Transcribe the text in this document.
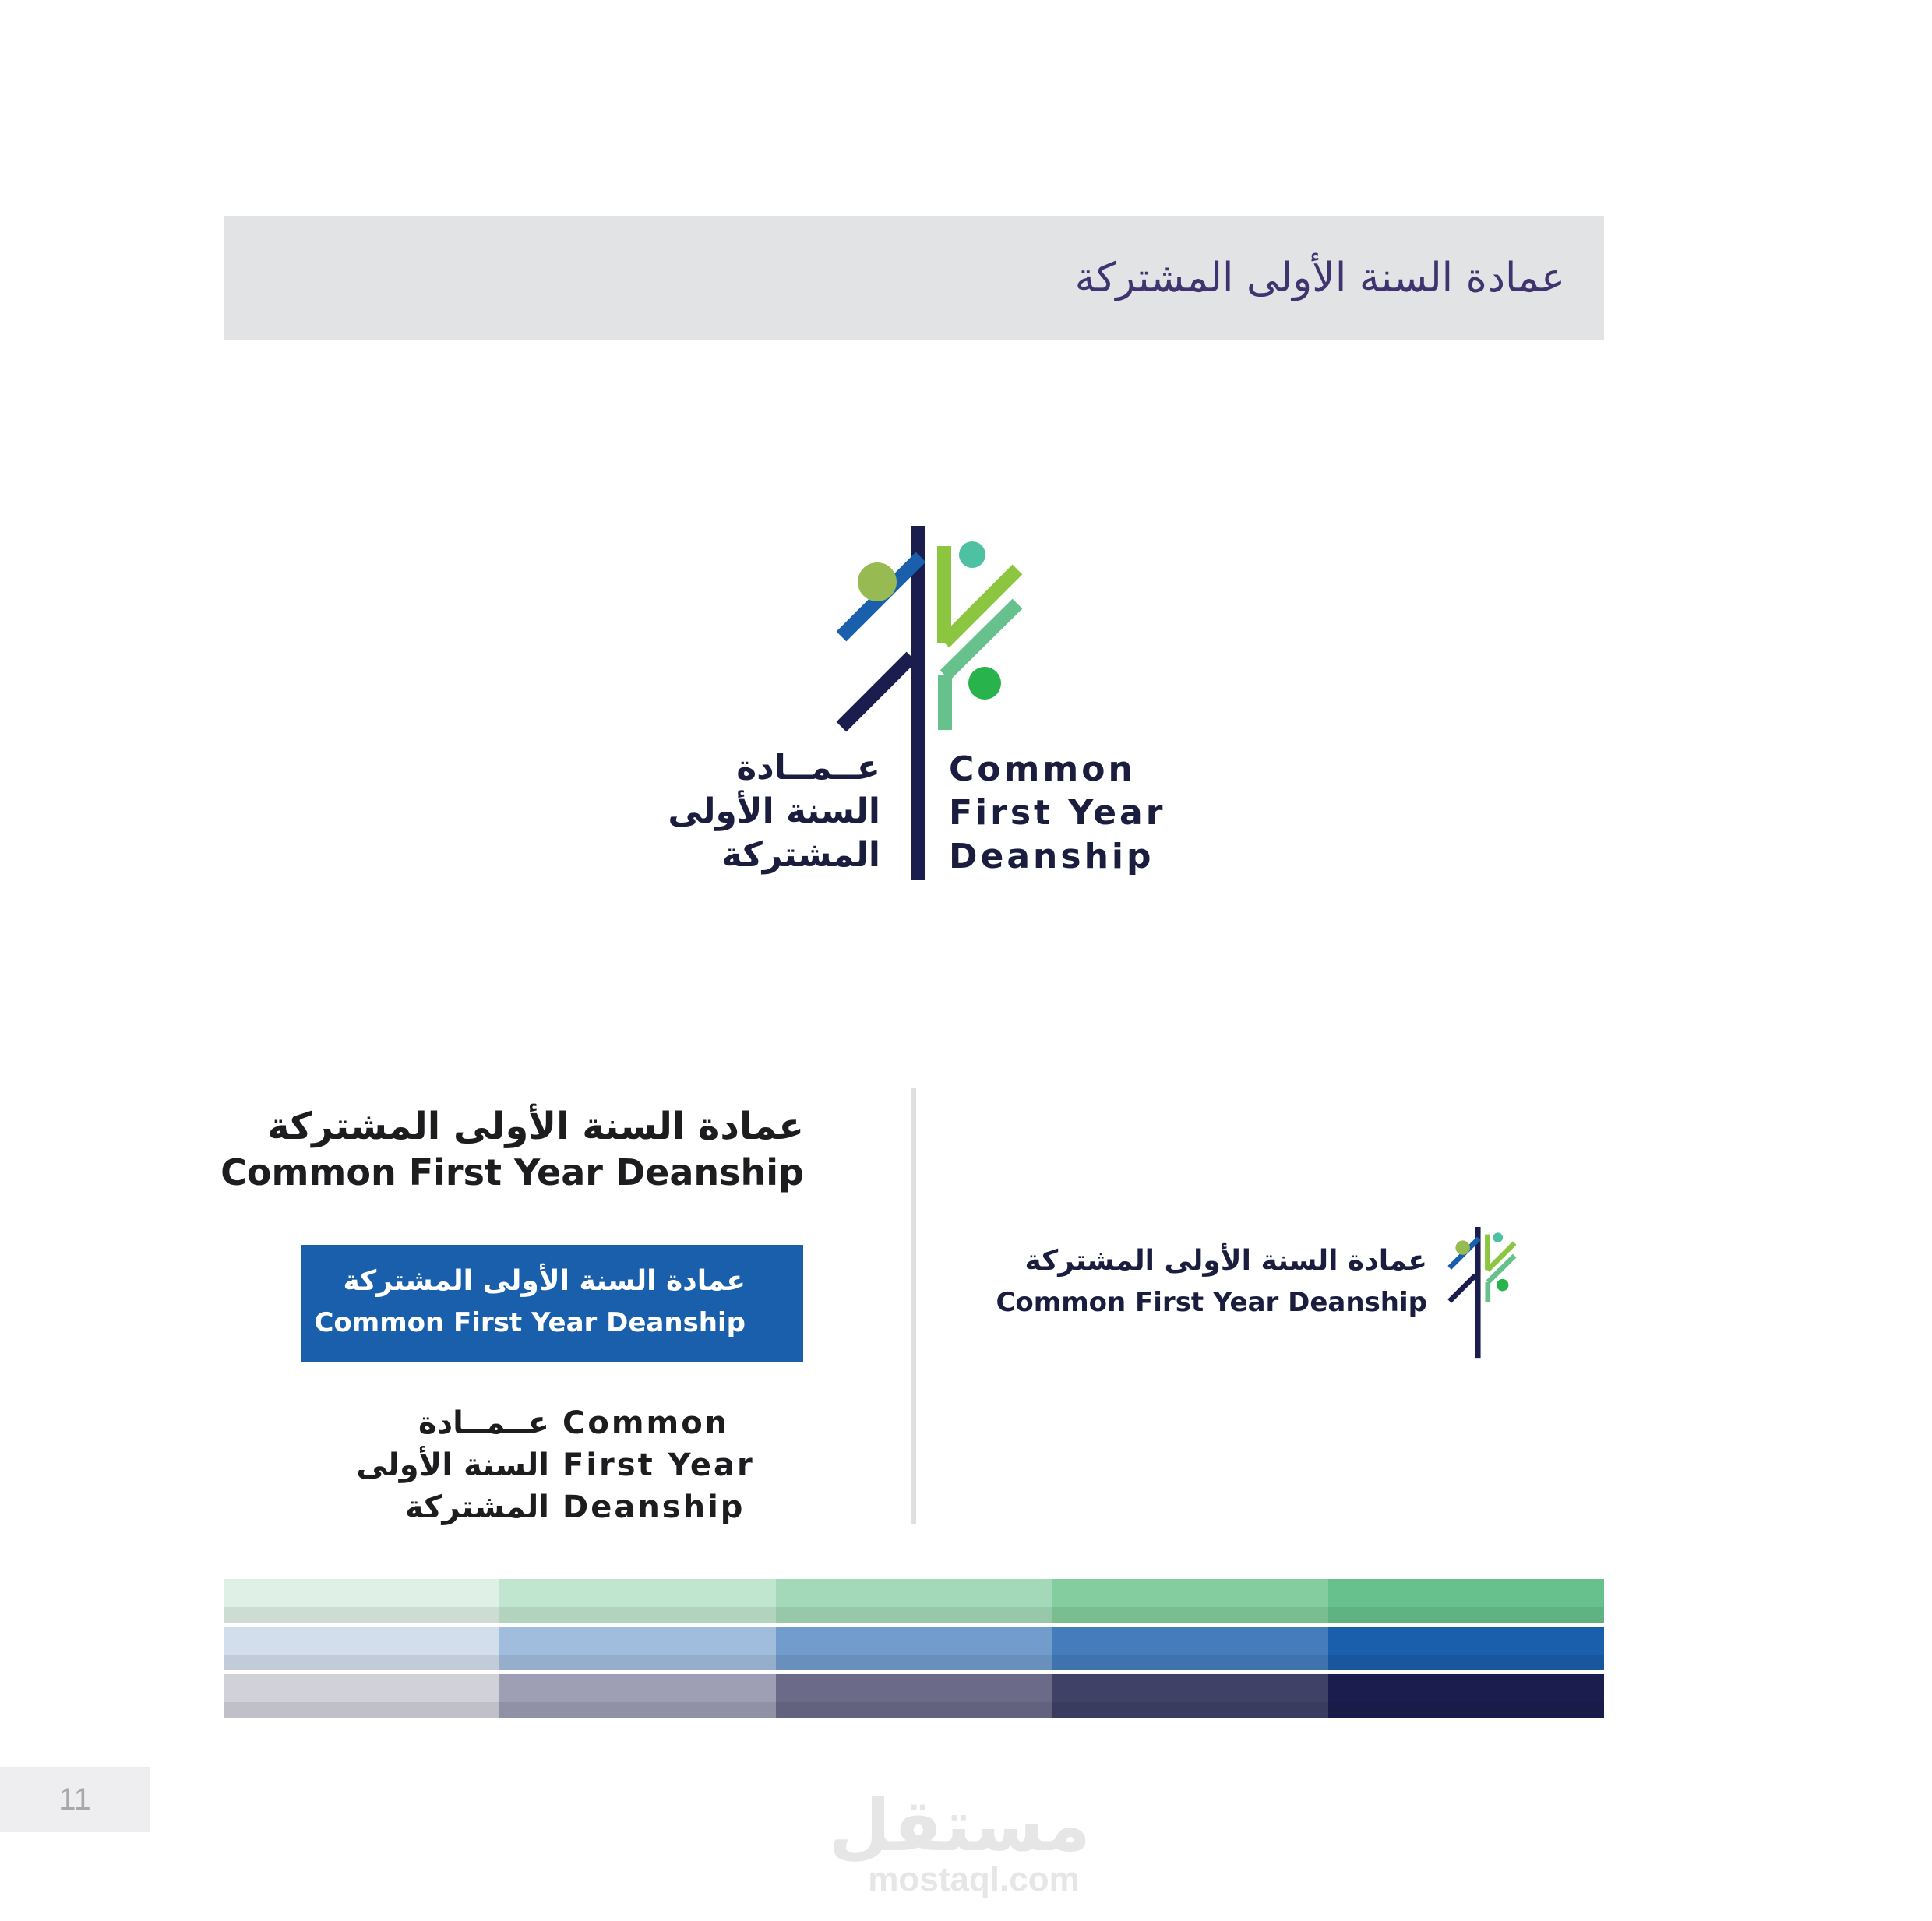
عمادة السنة الأولى المشتركة
عــمــادة
السنة الأولى
المشتركة
Common
First Year
Deanship
عمادة السنة الأولى المشتركة
Common First Year Deanship
عمادة السنة الأولى المشتركة
Common First Year Deanship
عــمــادة
السنة الأولى
المشتركة
Common
First Year
Deanship
عمادة السنة الأولى المشتركة
Common First Year Deanship
11	مستقل
mostaql.com
